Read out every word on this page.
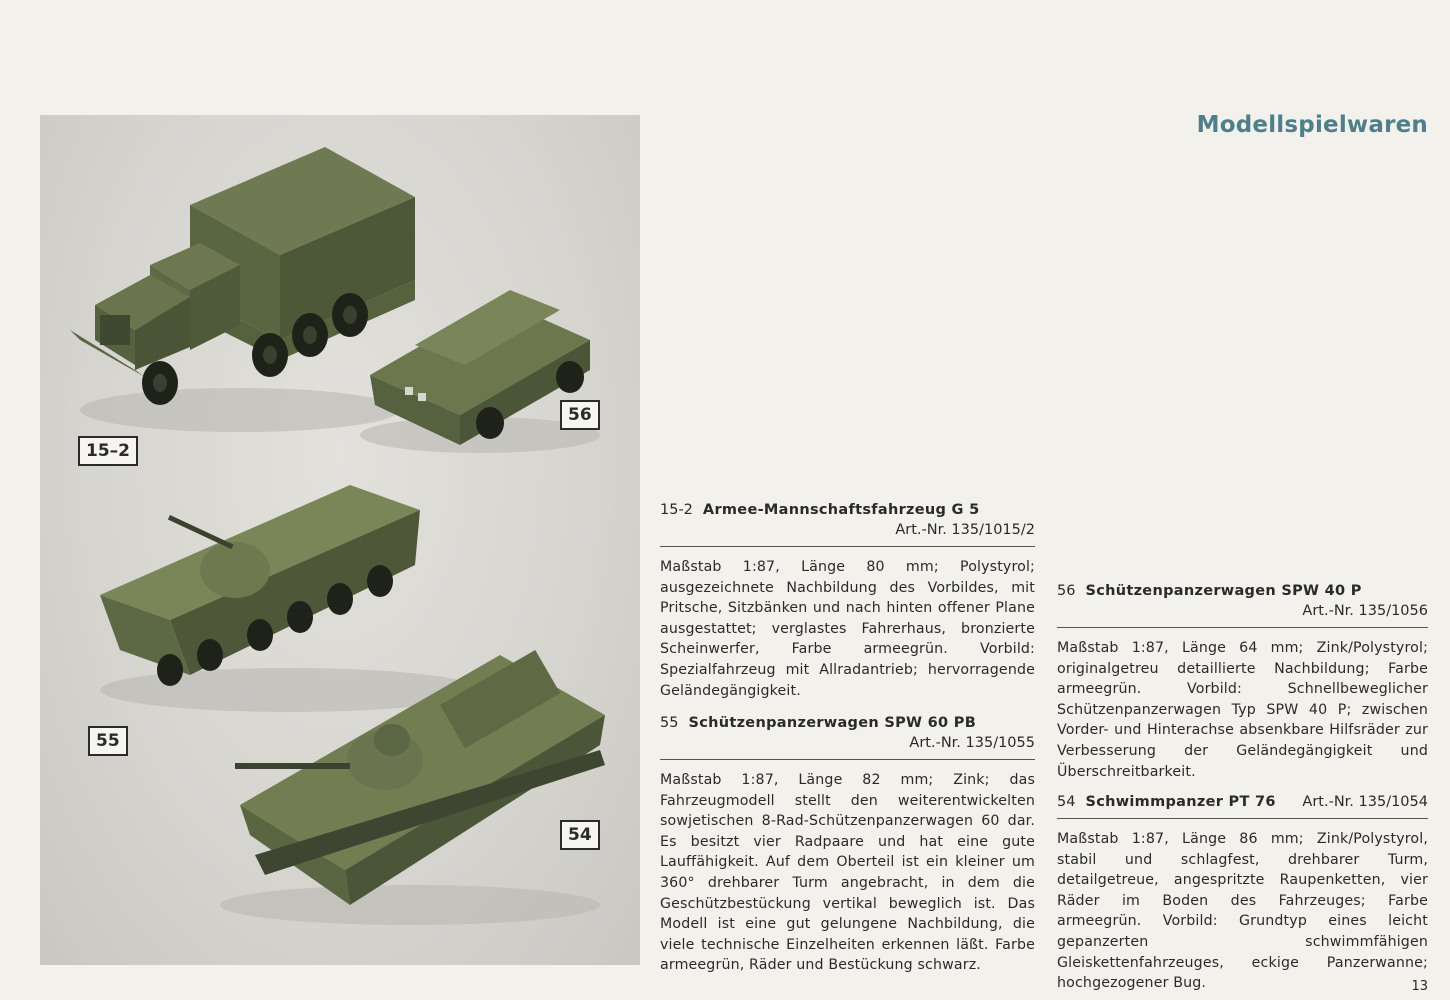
15–2
56
55
54
Modellspielwaren
15-2 Armee-Mannschaftsfahrzeug G 5
Art.-Nr. 135/1015/2
Maßstab 1:87, Länge 80 mm; Polystyrol; ausgezeichnete Nachbildung des Vorbildes, mit Pritsche, Sitzbänken und nach hinten offener Plane ausgestattet; verglastes Fahrerhaus, bronzierte Scheinwerfer, Farbe armeegrün. Vorbild: Spezialfahrzeug mit Allradantrieb; hervorragende Geländegängigkeit.
55 Schützenpanzerwagen SPW 60 PB
Art.-Nr. 135/1055
Maßstab 1:87, Länge 82 mm; Zink; das Fahrzeugmodell stellt den weiterentwickelten sowjetischen 8-Rad-Schützenpanzerwagen 60 dar. Es besitzt vier Radpaare und hat eine gute Lauffähigkeit. Auf dem Oberteil ist ein kleiner um 360° drehbarer Turm angebracht, in dem die Geschützbestückung vertikal beweglich ist. Das Modell ist eine gut gelungene Nachbildung, die viele technische Einzelheiten erkennen läßt. Farbe armeegrün, Räder und Bestückung schwarz.
56 Schützenpanzerwagen SPW 40 P
Art.-Nr. 135/1056
Maßstab 1:87, Länge 64 mm; Zink/Polystyrol; originalgetreu detaillierte Nachbildung; Farbe armeegrün. Vorbild: Schnellbeweglicher Schützenpanzerwagen Typ SPW 40 P; zwischen Vorder- und Hinterachse absenkbare Hilfsräder zur Verbesserung der Geländegängigkeit und Überschreitbarkeit.
54 Schwimmpanzer PT 76 Art.-Nr. 135/1054
Maßstab 1:87, Länge 86 mm; Zink/Polystyrol, stabil und schlagfest, drehbarer Turm, detailgetreue, angespritzte Raupenketten, vier Räder im Boden des Fahrzeuges; Farbe armeegrün. Vorbild: Grundtyp eines leicht gepanzerten schwimmfähigen Gleiskettenfahrzeuges, eckige Panzerwanne; hochgezogener Bug.	13
